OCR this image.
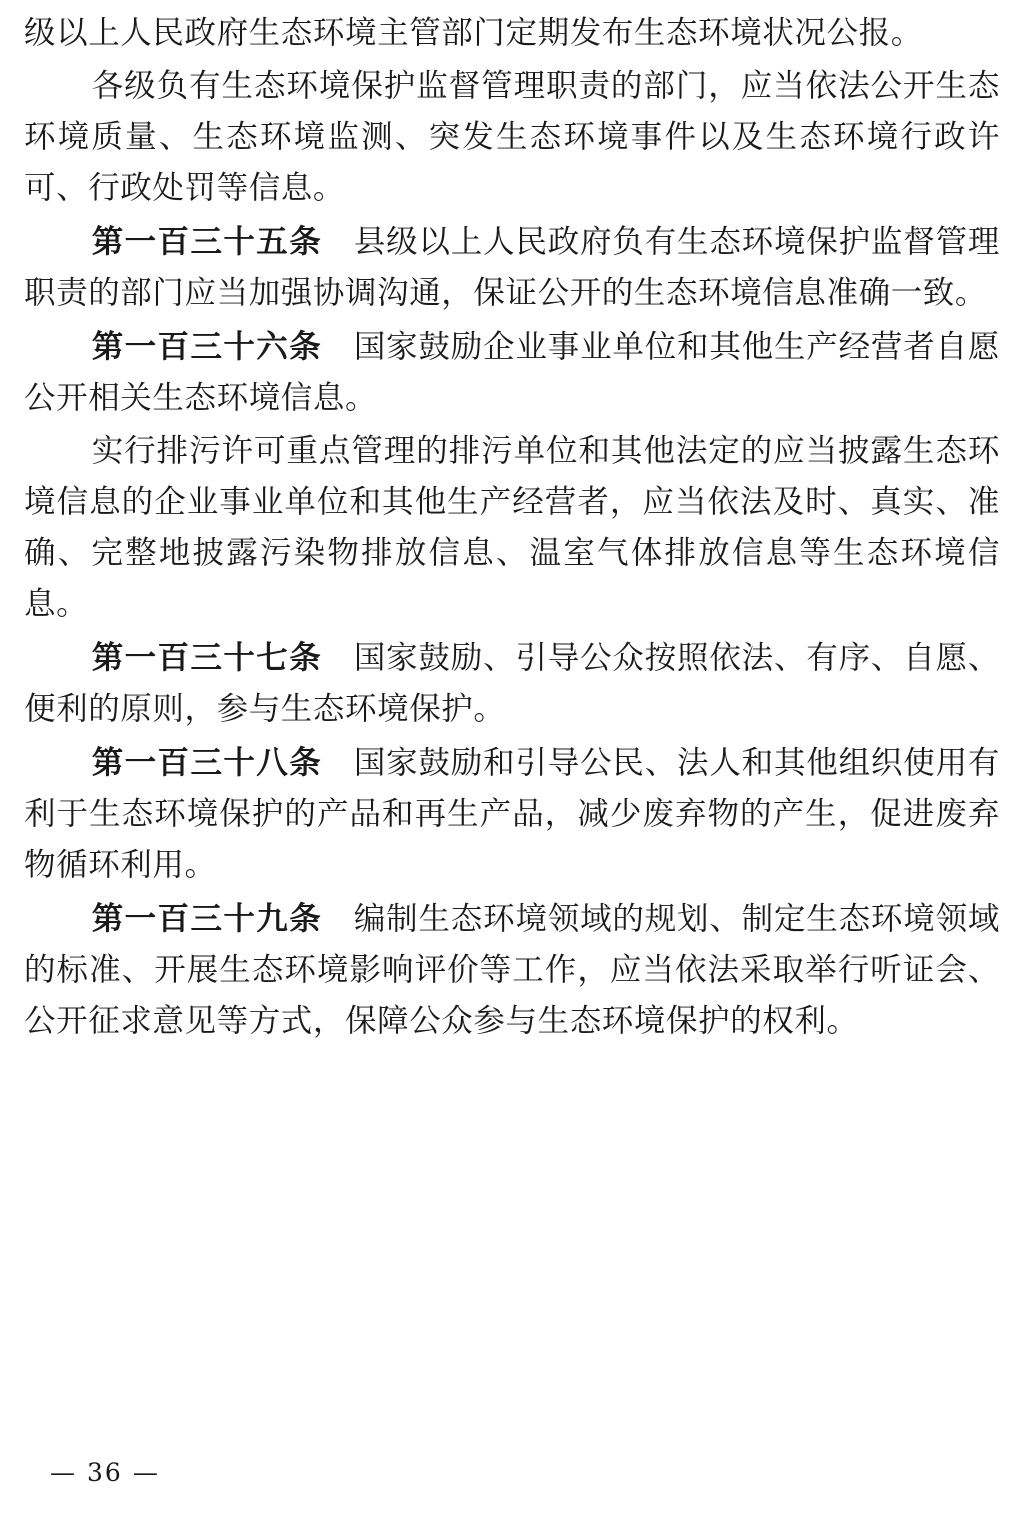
级以上人民政府生态环境主管部门定期发布生态环境状况公报。

各级负有生态环境保护监督管理职责的部门，应当依法公开生态环境质量、生态环境监测、突发生态环境事件以及生态环境行政许可、行政处罚等信息。

第一百三十五条 县级以上人民政府负有生态环境保护监督管理职责的部门应当加强协调沟通，保证公开的生态环境信息准确一致。

第一百三十六条 国家鼓励企业事业单位和其他生产经营者自愿公开相关生态环境信息。

实行排污许可重点管理的排污单位和其他法定的应当披露生态环境信息的企业事业单位和其他生产经营者，应当依法及时、真实、准确、完整地披露污染物排放信息、温室气体排放信息等生态环境信息。

第一百三十七条 国家鼓励、引导公众按照依法、有序、自愿、便利的原则，参与生态环境保护。

第一百三十八条 国家鼓励和引导公民、法人和其他组织使用有利于生态环境保护的产品和再生产品，减少废弃物的产生，促进废弃物循环利用。

第一百三十九条 编制生态环境领域的规划、制定生态环境领域的标准、开展生态环境影响评价等工作，应当依法采取举行听证会、公开征求意见等方式，保障公众参与生态环境保护的权利。

— 36 —
